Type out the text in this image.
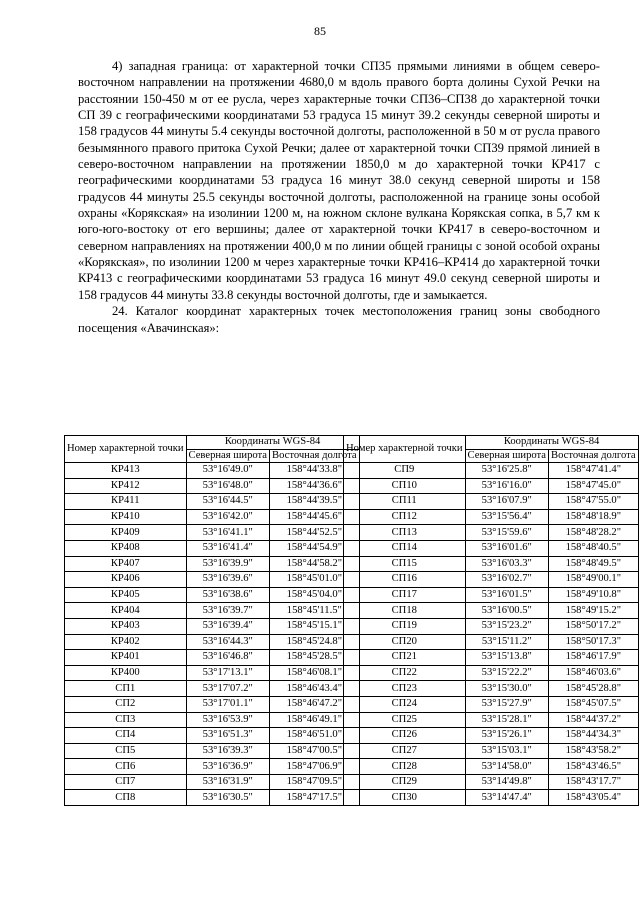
85

4) западная граница: от характерной точки СП35 прямыми линиями в общем северо-восточном направлении на протяжении 4680,0 м вдоль правого борта долины Сухой Речки на расстоянии 150-450 м от ее русла, через характерные точки СП36–СП38 до характерной точки СП 39 с географическими координатами 53 градуса 15 минут 39.2 секунды северной широты и 158 градусов 44 минуты 5.4 секунды восточной долготы, расположенной в 50 м от русла правого безымянного правого притока Сухой Речки; далее от характерной точки СП39 прямой линией в северо-восточном направлении на протяжении 1850,0 м до характерной точки КР417 с географическими координатами 53 градуса 16 минут 38.0 секунд северной широты и 158 градусов 44 минуты 25.5 секунды восточной долготы, расположенной на границе зоны особой охраны «Корякская» на изолинии 1200 м, на южном склоне вулкана Корякская сопка, в 5,7 км к юго-юго-востоку от его вершины; далее от характерной точки КР417 в северо-восточном и северном направлениях на протяжении 400,0 м по линии общей границы с зоной особой охраны «Корякская», по изолинии 1200 м через характерные точки КР416–КР414 до характерной точки КР413 с географическими координатами 53 градуса 16 минут 49.0 секунд северной широты и 158 градусов 44 минуты 33.8 секунды восточной долготы, где и замыкается.

24. Каталог координат характерных точек местоположения границ зоны свободного посещения «Авачинская»:

Номер характерной точки	Координаты WGS-84	
	Северная широта	Восточная долгота
КР413	53°16'49.0"	158°44'33.8"
КР412	53°16'48.0"	158°44'36.6"
КР411	53°16'44.5"	158°44'39.5"
КР410	53°16'42.0"	158°44'45.6"
КР409	53°16'41.1"	158°44'52.5"
КР408	53°16'41.4"	158°44'54.9"
КР407	53°16'39.9"	158°44'58.2"
КР406	53°16'39.6"	158°45'01.0"
КР405	53°16'38.6"	158°45'04.0"
КР404	53°16'39.7"	158°45'11.5"
КР403	53°16'39.4"	158°45'15.1"
КР402	53°16'44.3"	158°45'24.8"
КР401	53°16'46.8"	158°45'28.5"
КР400	53°17'13.1"	158°46'08.1"
СП1	53°17'07.2"	158°46'43.4"
СП2	53°17'01.1"	158°46'47.2"
СП3	53°16'53.9"	158°46'49.1"
СП4	53°16'51.3"	158°46'51.0"
СП5	53°16'39.3"	158°47'00.5"
СП6	53°16'36.9"	158°47'06.9"
СП7	53°16'31.9"	158°47'09.5"
СП8	53°16'30.5"	158°47'17.5"
Номер характерной точки	Координаты WGS-84	
	Северная широта	Восточная долгота
СП9	53°16'25.8"	158°47'41.4"
СП10	53°16'16.0"	158°47'45.0"
СП11	53°16'07.9"	158°47'55.0"
СП12	53°15'56.4"	158°48'18.9"
СП13	53°15'59.6"	158°48'28.2"
СП14	53°16'01.6"	158°48'40.5"
СП15	53°16'03.3"	158°48'49.5"
СП16	53°16'02.7"	158°49'00.1"
СП17	53°16'01.5"	158°49'10.8"
СП18	53°16'00.5"	158°49'15.2"
СП19	53°15'23.2"	158°50'17.2"
СП20	53°15'11.2"	158°50'17.3"
СП21	53°15'13.8"	158°46'17.9"
СП22	53°15'22.2"	158°46'03.6"
СП23	53°15'30.0"	158°45'28.8"
СП24	53°15'27.9"	158°45'07.5"
СП25	53°15'28.1"	158°44'37.2"
СП26	53°15'26.1"	158°44'34.3"
СП27	53°15'03.1"	158°43'58.2"
СП28	53°14'58.0"	158°43'46.5"
СП29	53°14'49.8"	158°43'17.7"
СП30	53°14'47.4"	158°43'05.4"
